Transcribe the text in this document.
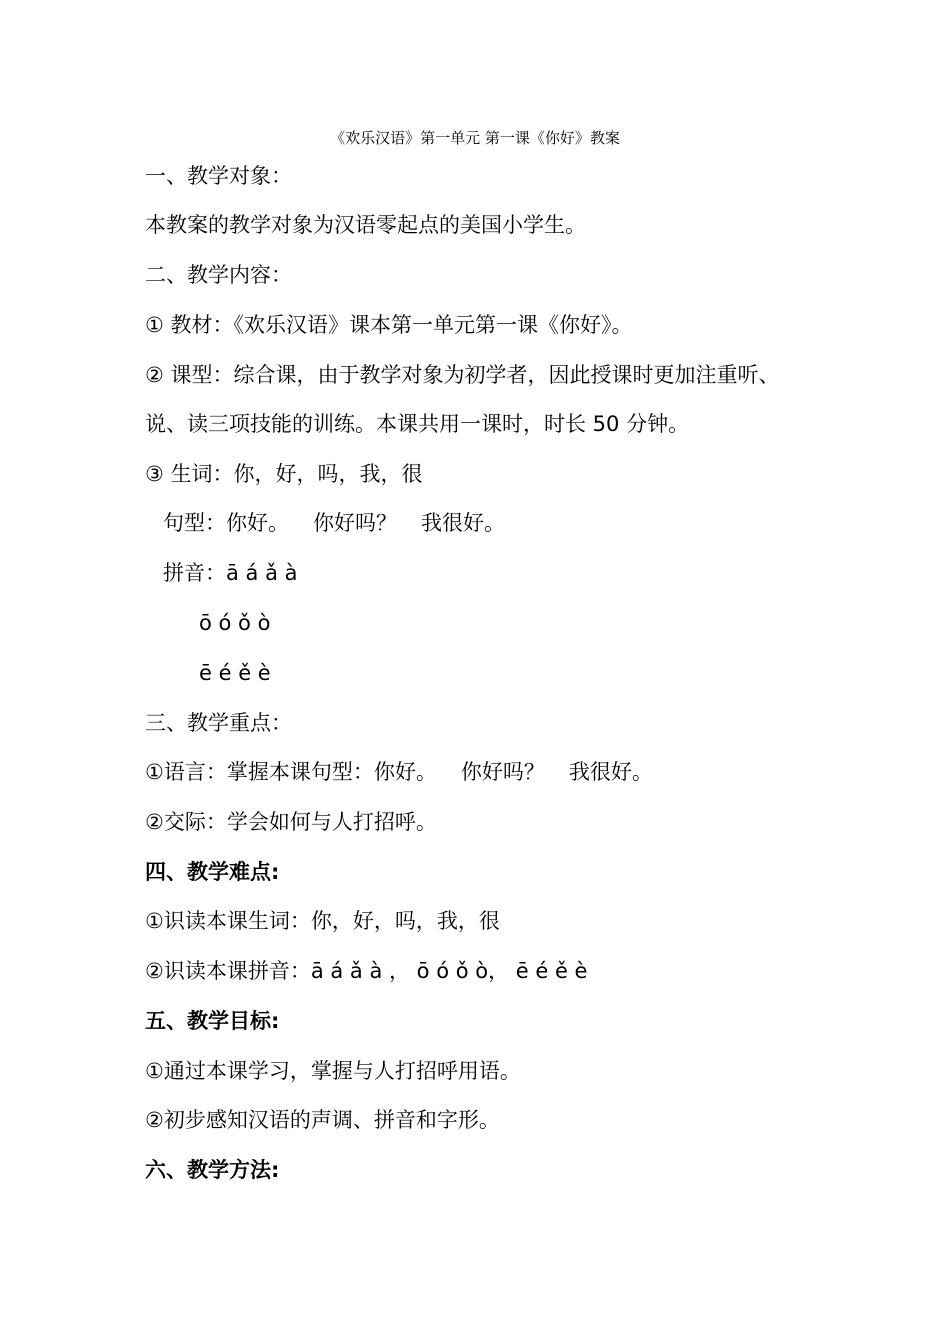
《欢乐汉语》第一单元 第一课《你好》教案
一、教学对象：
本教案的教学对象为汉语零起点的美国小学生。
二、教学内容：
① 教材：《欢乐汉语》课本第一单元第一课《你好》。
② 课型：综合课，由于教学对象为初学者，因此授课时更加注重听、
说、读三项技能的训练。本课共用一课时，时长 50 分钟。
③ 生词：你，好，吗，我，很
句型：你好。 你好吗？ 我很好。
拼音：ā á ǎ à
ō ó ǒ ò
ē é ě è
三、教学重点：
①语言：掌握本课句型：你好。 你好吗？ 我很好。
②交际：学会如何与人打招呼。
四、教学难点:
①识读本课生词：你，好，吗，我，很
②识读本课拼音：ā á ǎ à ， ō ó ǒ ò， ē é ě è
五、教学目标:
①通过本课学习，掌握与人打招呼用语。
②初步感知汉语的声调、拼音和字形。
六、教学方法:
